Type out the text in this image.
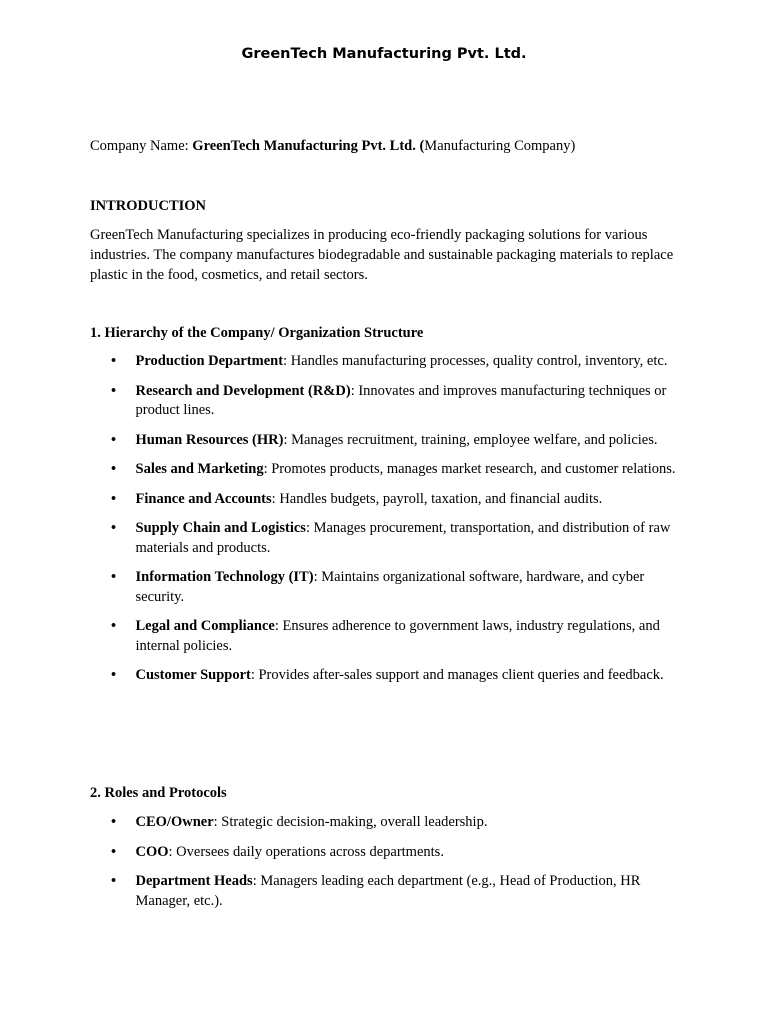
GreenTech Manufacturing Pvt. Ltd.
Company Name: GreenTech Manufacturing Pvt. Ltd. (Manufacturing Company)
INTRODUCTION

GreenTech Manufacturing specializes in producing eco-friendly packaging solutions for various industries. The company manufactures biodegradable and sustainable packaging materials to replace plastic in the food, cosmetics, and retail sectors.

1. Hierarchy of the Company/ Organization Structure
• Production Department: Handles manufacturing processes, quality control, inventory, etc.
• Research and Development (R&D): Innovates and improves manufacturing techniques or product lines.
• Human Resources (HR): Manages recruitment, training, employee welfare, and policies.
• Sales and Marketing: Promotes products, manages market research, and customer relations.
• Finance and Accounts: Handles budgets, payroll, taxation, and financial audits.
• Supply Chain and Logistics: Manages procurement, transportation, and distribution of raw materials and products.
• Information Technology (IT): Maintains organizational software, hardware, and cyber security.
• Legal and Compliance: Ensures adherence to government laws, industry regulations, and internal policies.
• Customer Support: Provides after-sales support and manages client queries and feedback.
2. Roles and Protocols
• CEO/Owner: Strategic decision-making, overall leadership.
• COO: Oversees daily operations across departments.
• Department Heads: Managers leading each department (e.g., Head of Production, HR Manager, etc.).
